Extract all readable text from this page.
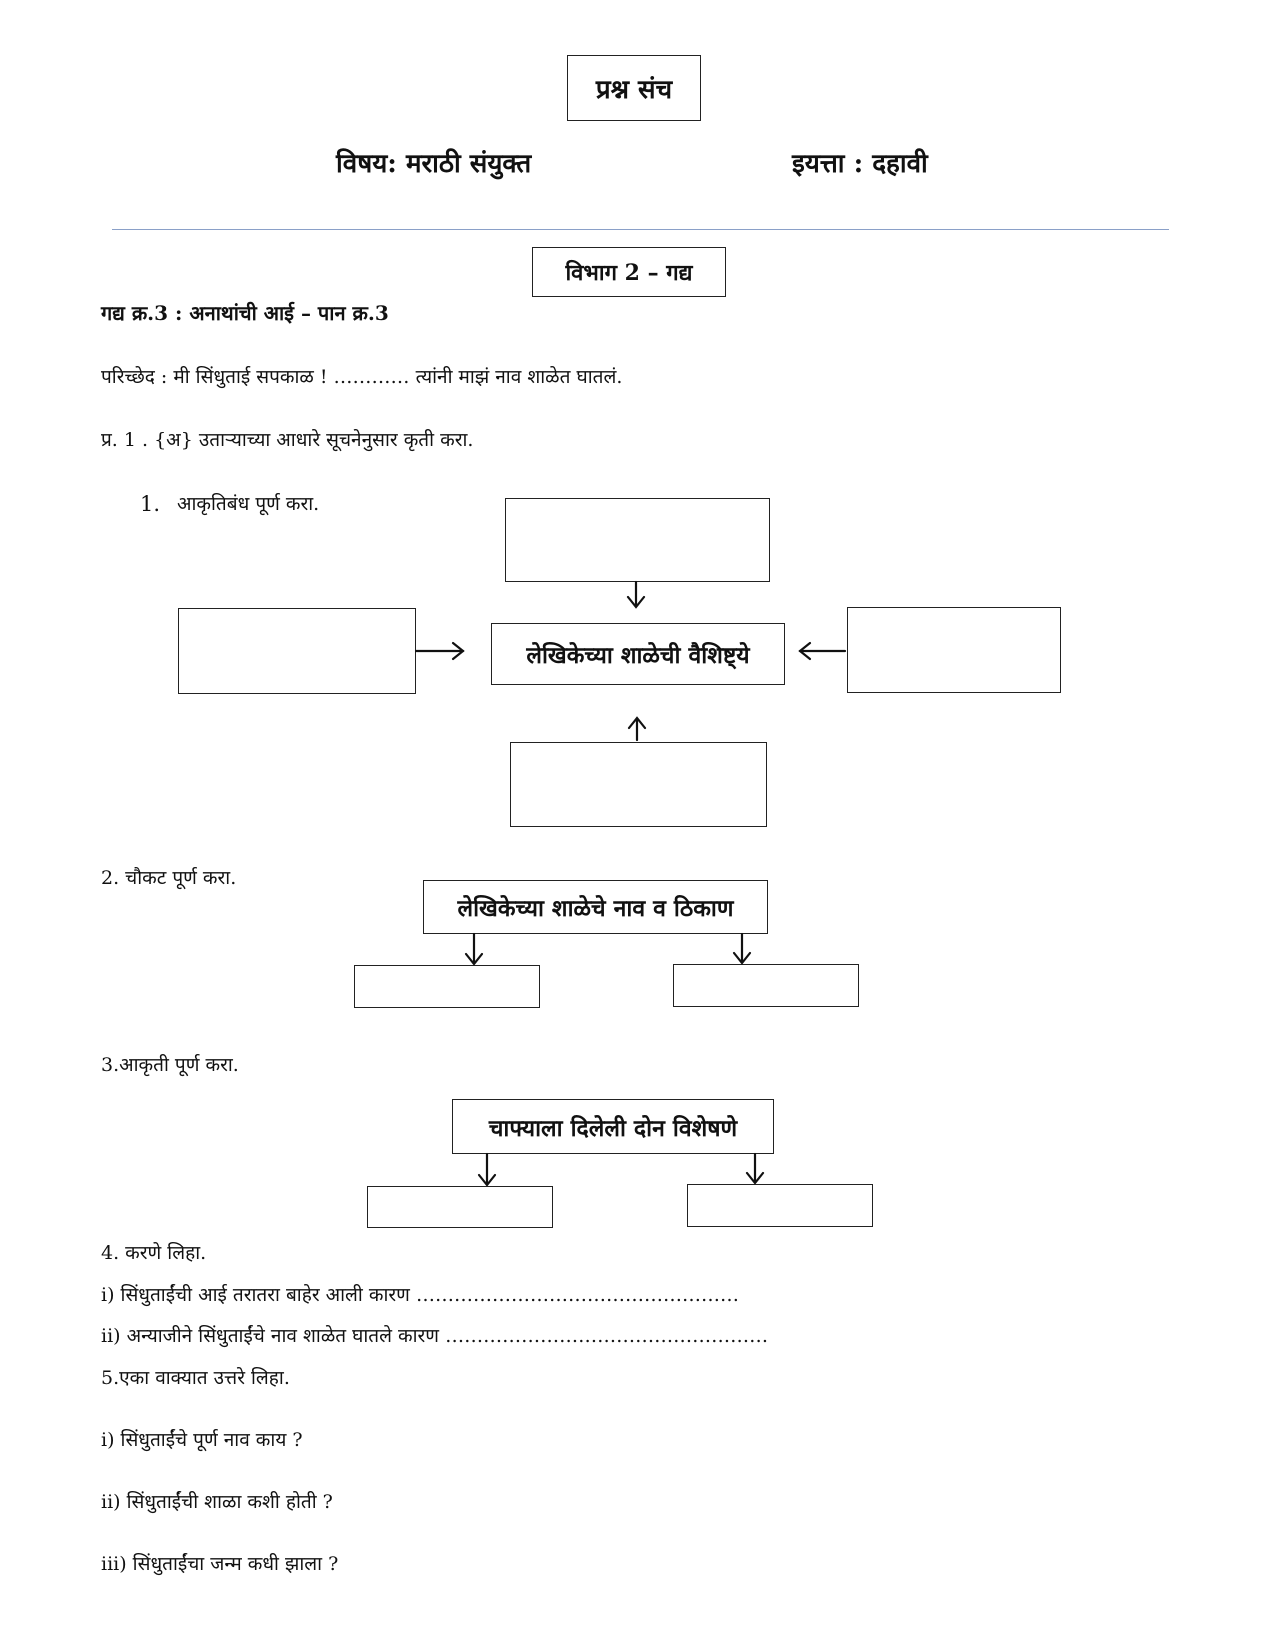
प्रश्न संच
विषय: मराठी संयुक्त	इयत्ता : दहावी
विभाग 2 – गद्य
गद्य क्र.3 : अनाथांची आई – पान क्र.3
परिच्छेद : मी सिंधुताई सपकाळ ! ………… त्यांनी माझं नाव शाळेत घातलं.
प्र. 1 . {अ} उताऱ्याच्या आधारे सूचनेनुसार कृती करा.
1. आकृतिबंध पूर्ण करा.
लेखिकेच्या शाळेची वैशिष्ट्ये
2. चौकट पूर्ण करा.
लेखिकेच्या शाळेचे नाव व ठिकाण
3.आकृती पूर्ण करा.
चाफ्याला दिलेली दोन विशेषणे
4. करणे लिहा.
i) सिंधुताईंची आई तरातरा बाहेर आली कारण ……………………………………………
ii) अन्याजीने सिंधुताईंचे नाव शाळेत घातले कारण ……………………………………………
5.एका वाक्यात उत्तरे लिहा.
i) सिंधुताईंचे पूर्ण नाव काय ?
ii) सिंधुताईंची शाळा कशी होती ?
iii) सिंधुताईंचा जन्म कधी झाला ?
